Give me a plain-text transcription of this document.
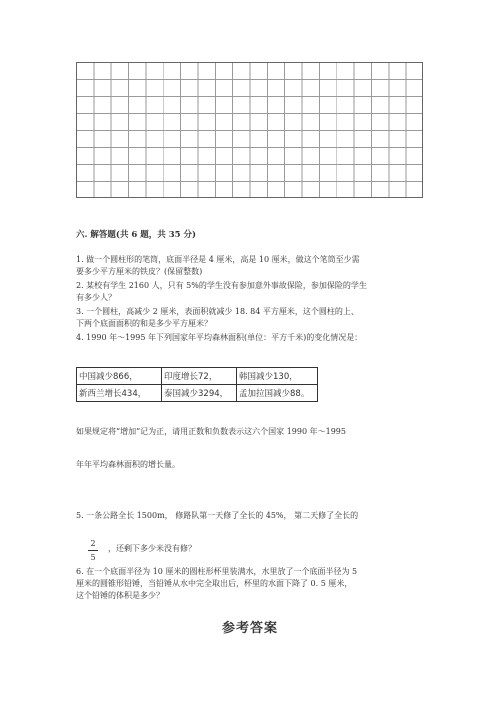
六. 解答题(共 6 题，共 35 分)
1. 做一个圆柱形的笔筒，底面半径是 4 厘米，高是 10 厘米，做这个笔筒至少需
要多少平方厘米的铁皮？(保留整数)
2. 某校有学生 2160 人，只有 5%的学生没有参加意外事故保险，参加保险的学生
有多少人？
3. 一个圆柱，高减少 2 厘米，表面积就减少 18. 84 平方厘米，这个圆柱的上、
下两个底面面积的和是多少平方厘米？
4. 1990 年～1995 年下列国家年平均森林面积(单位：平方千米)的变化情况是：
中国减少866，	印度增长72，	韩国减少130，
新西兰增长434，	泰国减少3294，	孟加拉国减少88。
如果规定将“增加”记为正，请用正数和负数表示这六个国家 1990 年～1995
年年平均森林面积的增长量。
5. 一条公路全长 1500m， 修路队第一天修了全长的 45%， 第二天修了全长的
2
5
，还剩下多少米没有修？
6. 在一个底面半径为 10 厘米的圆柱形杯里装满水，水里放了一个底面半径为 5
厘米的圆锥形铅锤，当铅锤从水中完全取出后，杯里的水面下降了 0. 5 厘米，
这个铅锤的体积是多少？
参考答案
